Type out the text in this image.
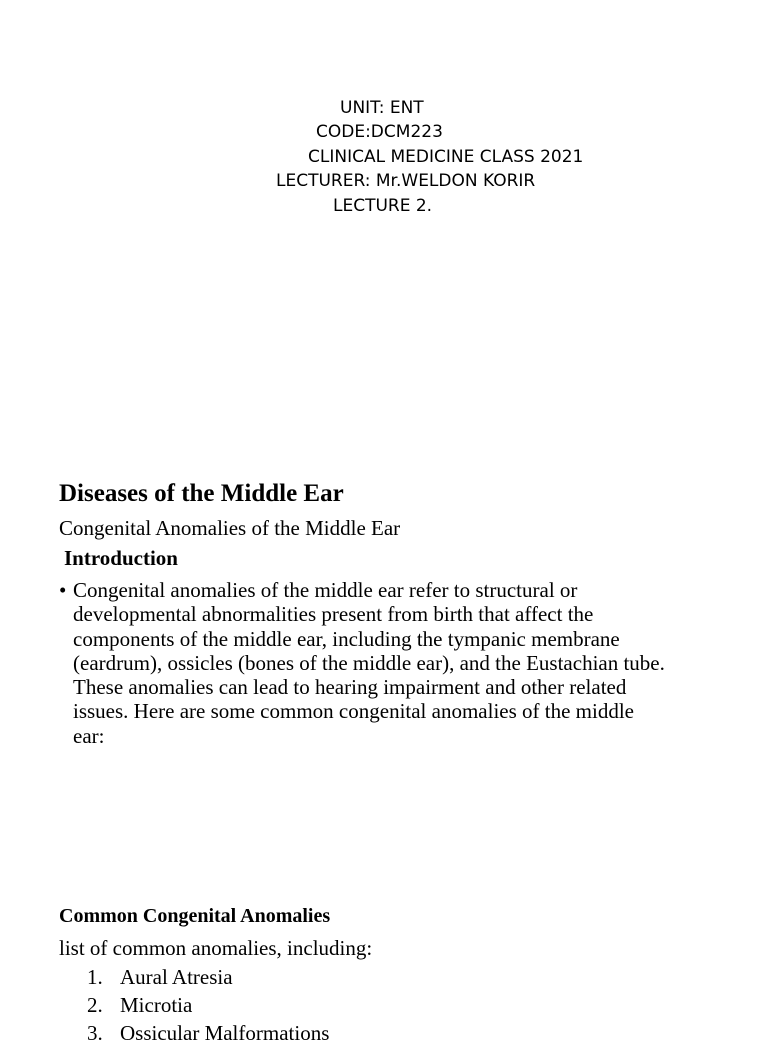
UNIT: ENT
CODE:DCM223
CLINICAL MEDICINE CLASS 2021
LECTURER: Mr.WELDON KORIR
LECTURE 2.
Diseases of the Middle Ear
Congenital Anomalies of the Middle Ear
Introduction
• Congenital anomalies of the middle ear refer to structural or
developmental abnormalities present from birth that affect the
components of the middle ear, including the tympanic membrane
(eardrum), ossicles (bones of the middle ear), and the Eustachian tube.
These anomalies can lead to hearing impairment and other related
issues. Here are some common congenital anomalies of the middle
ear:
Common Congenital Anomalies
list of common anomalies, including:
1. Aural Atresia
2. Microtia
3. Ossicular Malformations
